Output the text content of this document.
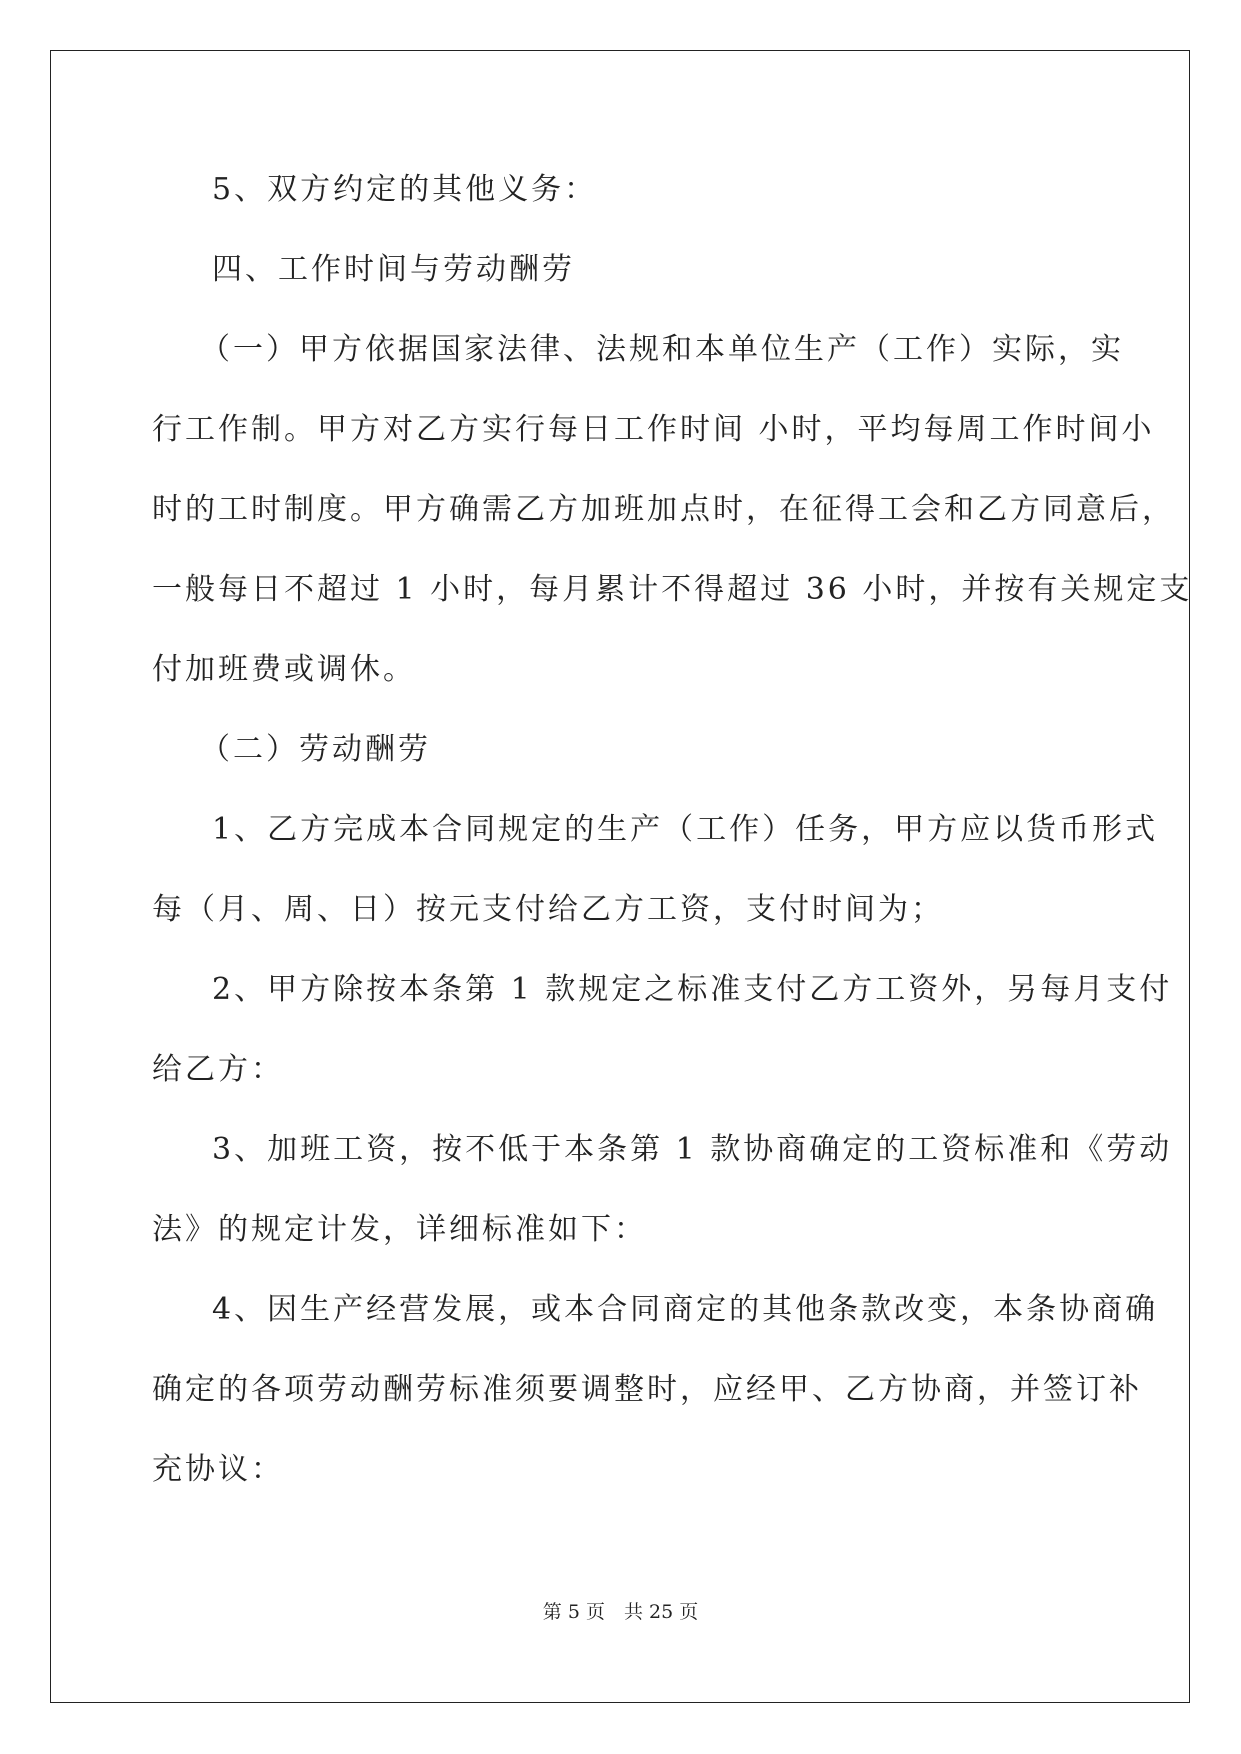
5、双方约定的其他义务：

四、工作时间与劳动酬劳

（一）甲方依据国家法律、法规和本单位生产（工作）实际，实

行工作制。甲方对乙方实行每日工作时间 小时，平均每周工作时间小

时的工时制度。甲方确需乙方加班加点时，在征得工会和乙方同意后，

一般每日不超过 1 小时，每月累计不得超过 36 小时，并按有关规定支

付加班费或调休。

（二）劳动酬劳

1、乙方完成本合同规定的生产（工作）任务，甲方应以货币形式

每（月、周、日）按元支付给乙方工资，支付时间为；

2、甲方除按本条第 1 款规定之标准支付乙方工资外，另每月支付

给乙方：

3、加班工资，按不低于本条第 1 款协商确定的工资标准和《劳动

法》的规定计发，详细标准如下：

4、因生产经营发展，或本合同商定的其他条款改变，本条协商确

确定的各项劳动酬劳标准须要调整时，应经甲、乙方协商，并签订补

充协议：

第 5 页　共 25 页
